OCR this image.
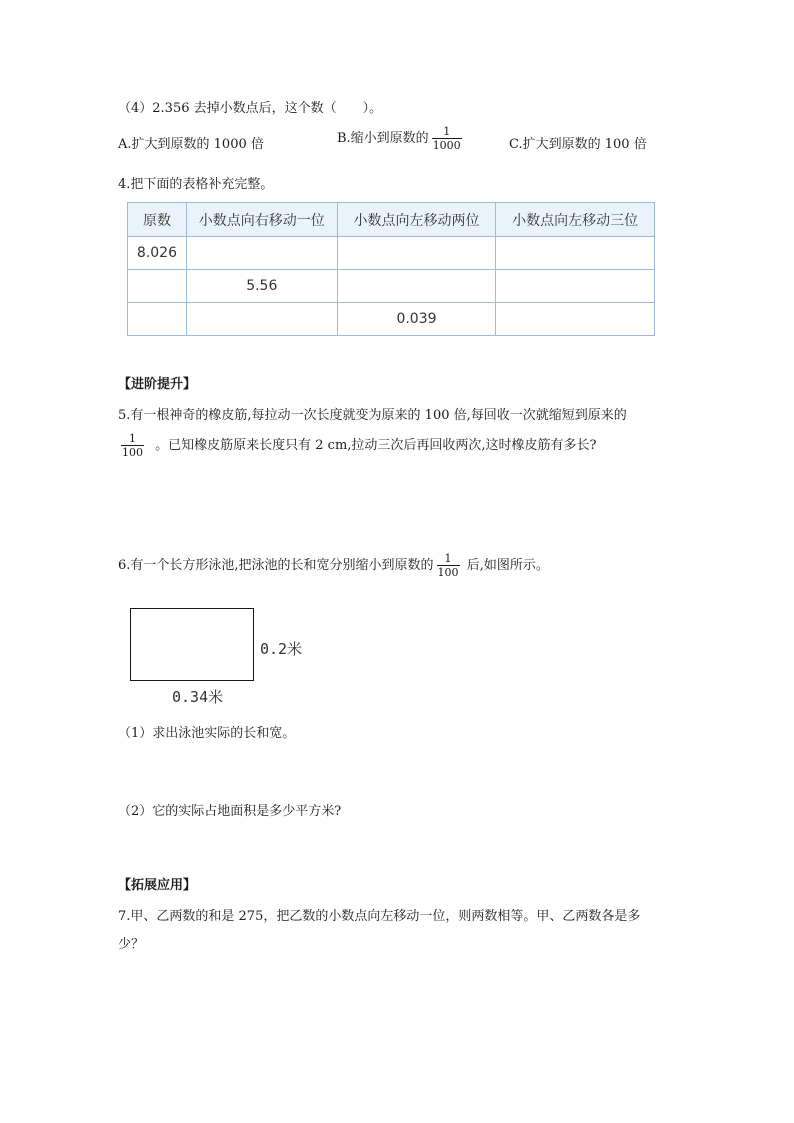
（4）2.356 去掉小数点后，这个数（　　）。
A.扩大到原数的 1000 倍	B.缩小到原数的 $\frac{1}{1000}$	C.扩大到原数的 100 倍
4.把下面的表格补充完整。
原数	小数点向右移动一位	小数点向左移动两位	小数点向左移动三位
8.026			
	5.56		
		0.039	
【进阶提升】
5.有一根神奇的橡皮筋,每拉动一次长度就变为原来的 100 倍,每回收一次就缩短到原来的
$\frac{1}{100}$ 。已知橡皮筋原来长度只有 2 cm,拉动三次后再回收两次,这时橡皮筋有多长?
6.有一个长方形泳池,把泳池的长和宽分别缩小到原数的 $\frac{1}{100}$ 后,如图所示。
0.2米
0.34米
（1）求出泳池实际的长和宽。
（2）它的实际占地面积是多少平方米?
【拓展应用】
7.甲、乙两数的和是 275，把乙数的小数点向左移动一位，则两数相等。甲、乙两数各是多
少？
